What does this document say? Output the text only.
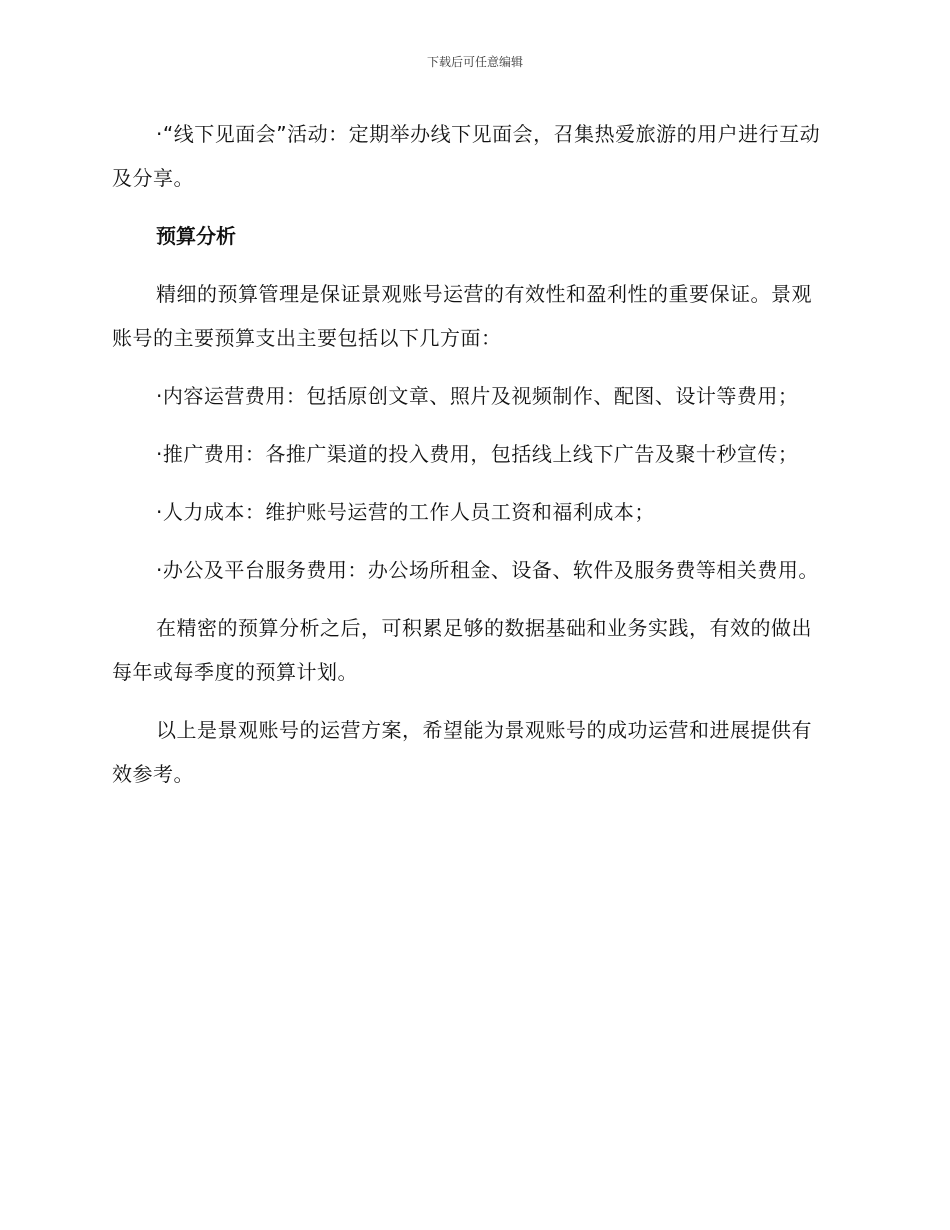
下载后可任意编辑

·“线下见面会”活动：定期举办线下见面会，召集热爱旅游的用户进行互动及分享。

预算分析

精细的预算管理是保证景观账号运营的有效性和盈利性的重要保证。景观账号的主要预算支出主要包括以下几方面：

·内容运营费用：包括原创文章、照片及视频制作、配图、设计等费用；

·推广费用：各推广渠道的投入费用，包括线上线下广告及聚十秒宣传；

·人力成本：维护账号运营的工作人员工资和福利成本；

·办公及平台服务费用：办公场所租金、设备、软件及服务费等相关费用。

在精密的预算分析之后，可积累足够的数据基础和业务实践，有效的做出每年或每季度的预算计划。

以上是景观账号的运营方案，希望能为景观账号的成功运营和进展提供有效参考。
